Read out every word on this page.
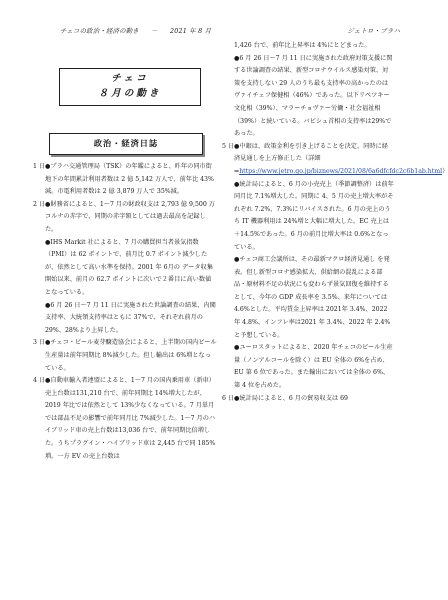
チェコの政治・経済の動き － 2021 年 8 月	ジェトロ・プラハ
チェコ
８月の動き
政治・経済日誌
1 日 ●プラハ交通管理局（TSK）の年鑑によると、昨年の同市街地下の年間累計利用者数は 2 億 5,142 万人で、前年比 43%減。市電利用者数は 2 億 3,879 万人で 35%減。

2 日 ●財務省によると、1〜7 月の財政収支は 2,793 億 9,500 万コルナの赤字で、同期の赤字額としては過去最高を記録した。

●IHS Markit 社によると、7 月の購買担当者景気指数（PMI）は 62 ポイントで、前月比 0.7 ポイント減少したが、依然として高い水準を保持。2001 年 6月の データ収集開始以来、前月の 62.7 ポイントに次いで２番目に高い数値となっている。

●6 月 26 日〜7 月 11 日に実施された世論調査の結果、内閣支持率、大統領支持率はともに 37%で、それぞれ前月の 29%、28%より上昇した。

3 日 ●チェコ・ビール麦芽醸造協会によると、上半期の国内ビール生産量は前年同期比 8%減少した。但し輸出は 6%増となっている。

4 日 ●自動車輸入者連盟によると、1〜7 月の国内乗用車（新車）売上台数は131,210 台で、前年同期比 14%増大したが、2019 年比では依然として 13%少なくなっている。7 月単月では部品不足の影響で前年同月比 7%減少した。1〜7 月のハイブリッド車の売上台数は13,036 台で、前年同期比倍増した。うちプラグイン・ハイブリッド車は 2,445 台で同 185%増。一方 EV の売上台数は

1,426 台で、前年比上昇率は 4%にとどまった。

●6 月 26 日〜7 月 11 日に実施された政府対策支援に関する世論調査の結果、新型コロナウイルス感染対策、対策を支持しない 29 人のうち最も支持率の高かったのはヴァイチェフ保健相（46%）であった。以下リペツキー文化相（39%）、マラーチョヴァー労働・社会福祉相（39%）と続いている。バビシュ首相の支持率は29%であった。

5 日 ●中銀は、政策金利を引き上げることを決定。同時に経済見通しを上方修正した（詳細⇒https://www.jetro.go.jp/biznews/2021/08/6a6dfcfdc2c6b1ab.html）

●統計局によると、6 月の小売売上（季節調整済）は前年同月比 7.1%増大した。同期に 4、5 月の売上増大率がそれぞれ 7.2%、7.3%にリバイスされた。6 月の売上のうち IT 機器利用は 24%増と大幅に増大した。EC 売上は＋14.5%であった。6 月の前月比増大率は 0.6%となっている。

●チェコ商工会議所は、その最新マクロ経済見通し を発表。但し新型コロナ感染拡大、供給網の混乱による部品・原材料不足の状況にも変わらず景気回復を維持するとして、今年の GDP 成長率を 3.5%、来年については4.6%とした。平均賃金上昇率は 2021年 3.4%、2022 年 4.8%、インフレ率は2021 年 3.4%、2022 年 2.4%と予想している。

●ユーロスタットによると、2020 年チェコのビール生産量（ノンアルコールを除く）は EU 全体の 6%を占め、EU 第 6 位であった。また輸出においては全体の 6%、第 4 位を占めた。

6 日 ●統計局によると、6 月の貿易収支は 69
